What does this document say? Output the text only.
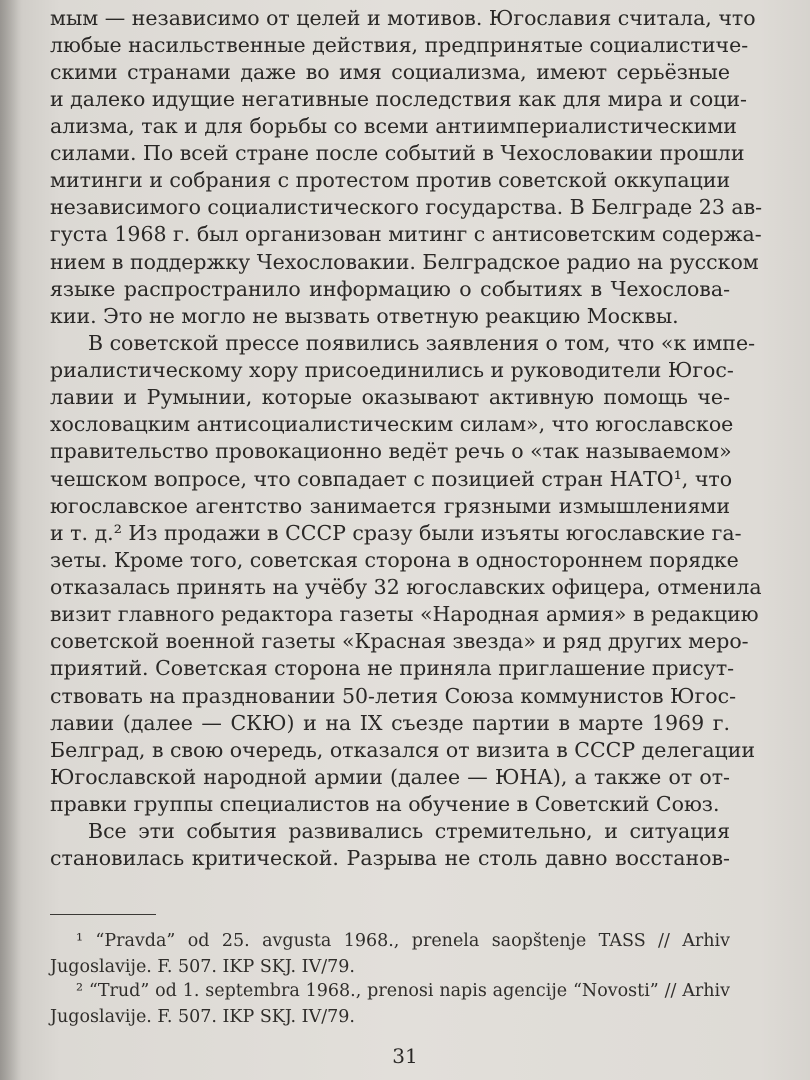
мым — независимо от целей и мотивов. Югославия считала, что
любые насильственные действия, предпринятые социалистиче-
скими странами даже во имя социализма, имеют серьёзные
и далеко идущие негативные последствия как для мира и соци-
ализма, так и для борьбы со всеми антиимпериалистическими
силами. По всей стране после событий в Чехословакии прошли
митинги и собрания с протестом против советской оккупации
независимого социалистического государства. В Белграде 23 ав-
густа 1968 г. был организован митинг с антисоветским содержа-
нием в поддержку Чехословакии. Белградское радио на русском
языке распространило информацию о событиях в Чехослова-
кии. Это не могло не вызвать ответную реакцию Москвы.
В советской прессе появились заявления о том, что «к импе-
риалистическому хору присоединились и руководители Югос-
лавии и Румынии, которые оказывают активную помощь че-
хословацким антисоциалистическим силам», что югославское
правительство провокационно ведёт речь о «так называемом»
чешском вопросе, что совпадает с позицией стран НАТО¹, что
югославское агентство занимается грязными измышлениями
и т. д.² Из продажи в СССР сразу были изъяты югославские га-
зеты. Кроме того, советская сторона в одностороннем порядке
отказалась принять на учёбу 32 югославских офицера, отменила
визит главного редактора газеты «Народная армия» в редакцию
советской военной газеты «Красная звезда» и ряд других меро-
приятий. Советская сторона не приняла приглашение присут-
ствовать на праздновании 50-летия Союза коммунистов Югос-
лавии (далее — СКЮ) и на IX съезде партии в марте 1969 г.
Белград, в свою очередь, отказался от визита в СССР делегации
Югославской народной армии (далее — ЮНА), а также от от-
правки группы специалистов на обучение в Советский Союз.
Все эти события развивались стремительно, и ситуация
становилась критической. Разрыва не столь давно восстанов-
¹ “Pravda” od 25. avgusta 1968., prenela saopštenje TASS // Arhiv
Jugoslavije. F. 507. IKP SKJ. IV/79.
² “Trud” od 1. septembra 1968., prenosi napis agencije “Novosti” // Arhiv
Jugoslavije. F. 507. IKP SKJ. IV/79.
31
